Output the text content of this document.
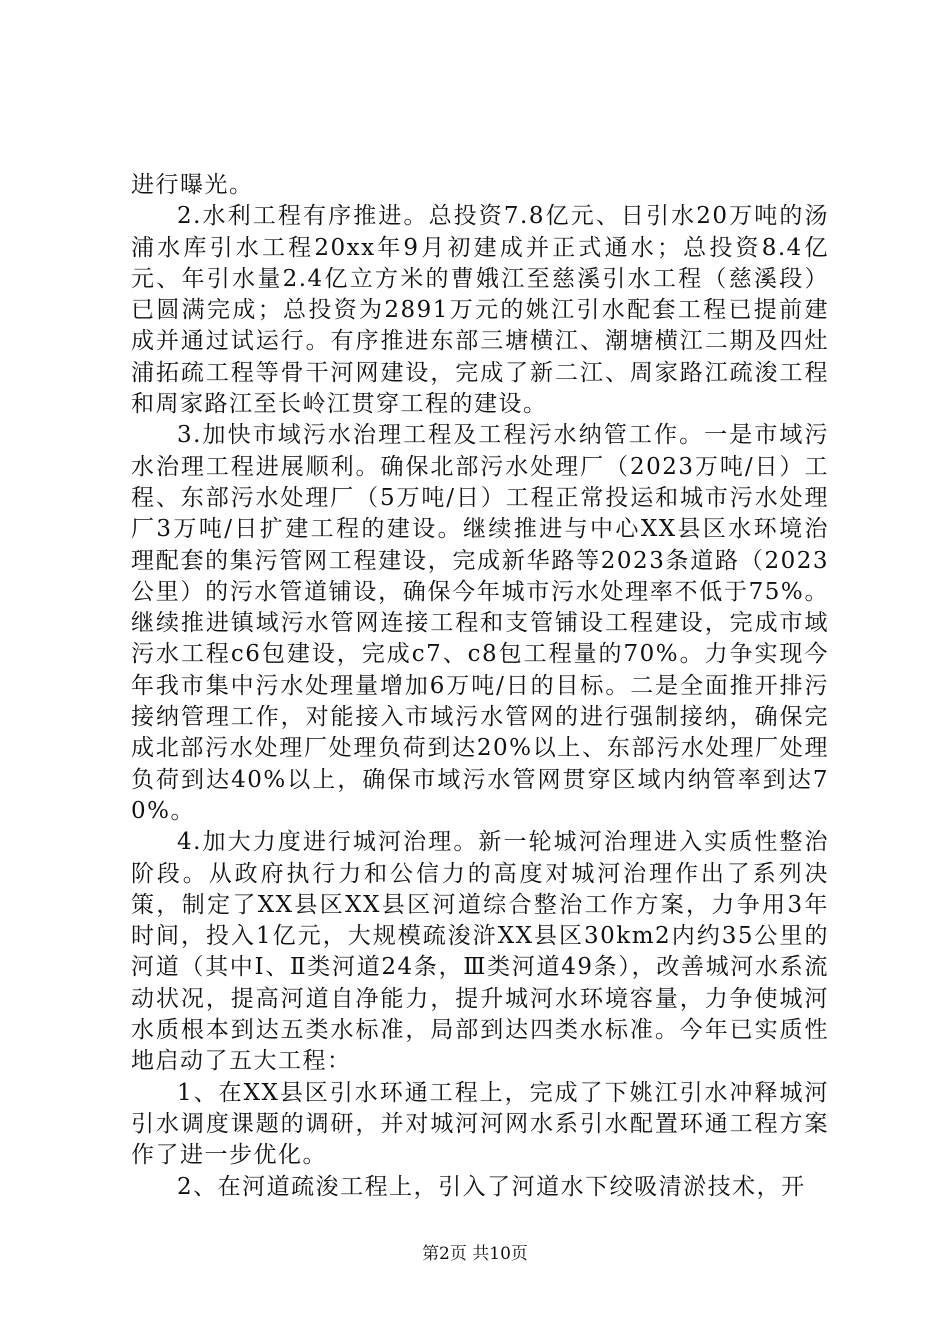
进行曝光。

2.水利工程有序推进。总投资7.8亿元、日引水20万吨的汤浦水库引水工程20xx年9月初建成并正式通水；总投资8.4亿元、年引水量2.4亿立方米的曹娥江至慈溪引水工程（慈溪段）已圆满完成；总投资为2891万元的姚江引水配套工程已提前建成并通过试运行。有序推进东部三塘横江、潮塘横江二期及四灶浦拓疏工程等骨干河网建设，完成了新二江、周家路江疏浚工程和周家路江至长岭江贯穿工程的建设。

3.加快市域污水治理工程及工程污水纳管工作。一是市域污水治理工程进展顺利。确保北部污水处理厂（2023万吨/日）工程、东部污水处理厂（5万吨/日）工程正常投运和城市污水处理厂3万吨/日扩建工程的建设。继续推进与中心XX县区水环境治理配套的集污管网工程建设，完成新华路等2023条道路（2023公里）的污水管道铺设，确保今年城市污水处理率不低于75%。继续推进镇域污水管网连接工程和支管铺设工程建设，完成市域污水工程c6包建设，完成c7、c8包工程量的70%。力争实现今年我市集中污水处理量增加6万吨/日的目标。二是全面推开排污接纳管理工作，对能接入市域污水管网的进行强制接纳，确保完成北部污水处理厂处理负荷到达20%以上、东部污水处理厂处理负荷到达40%以上，确保市域污水管网贯穿区域内纳管率到达70%。

4.加大力度进行城河治理。新一轮城河治理进入实质性整治阶段。从政府执行力和公信力的高度对城河治理作出了系列决策，制定了XX县区XX县区河道综合整治工作方案，力争用3年时间，投入1亿元，大规模疏浚浒XX县区30km2内约35公里的河道（其中Ⅰ、Ⅱ类河道24条，Ⅲ类河道49条），改善城河水系流动状况，提高河道自净能力，提升城河水环境容量，力争使城河水质根本到达五类水标准，局部到达四类水标准。今年已实质性地启动了五大工程：

1、在XX县区引水环通工程上，完成了下姚江引水冲释城河引水调度课题的调研，并对城河河网水系引水配置环通工程方案作了进一步优化。

2、在河道疏浚工程上，引入了河道水下绞吸清淤技术，开

第2页 共10页
